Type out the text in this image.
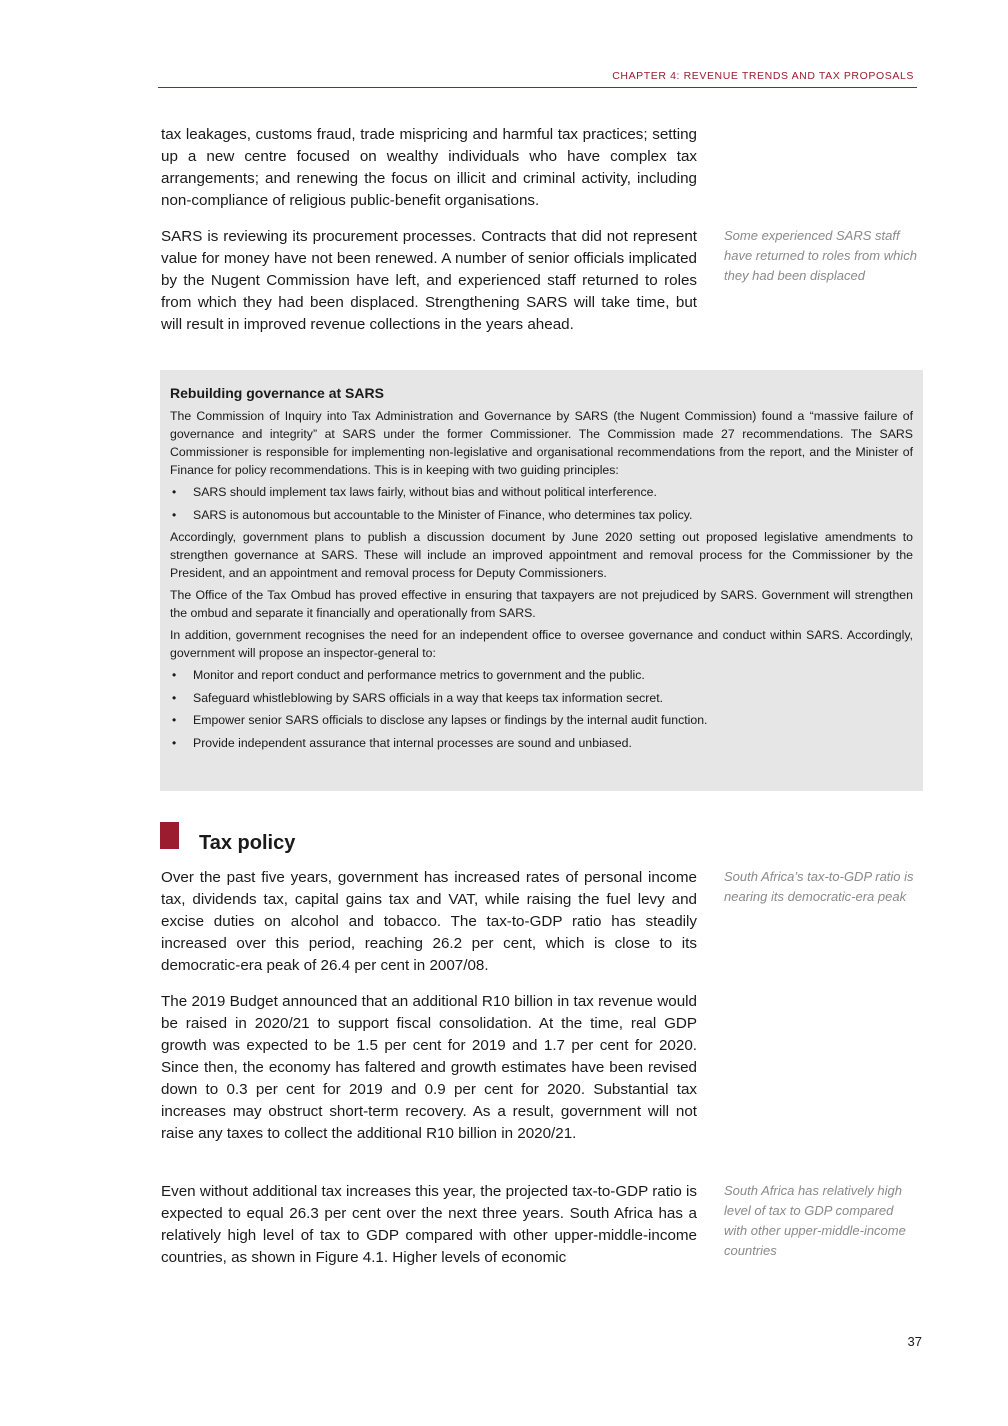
CHAPTER 4: REVENUE TRENDS AND TAX PROPOSALS

tax leakages, customs fraud, trade mispricing and harmful tax practices; setting up a new centre focused on wealthy individuals who have complex tax arrangements; and renewing the focus on illicit and criminal activity, including non-compliance of religious public-benefit organisations.

SARS is reviewing its procurement processes. Contracts that did not represent value for money have not been renewed. A number of senior officials implicated by the Nugent Commission have left, and experienced staff returned to roles from which they had been displaced. Strengthening SARS will take time, but will result in improved revenue collections in the years ahead.

Some experienced SARS staff have returned to roles from which they had been displaced

Rebuilding governance at SARS

The Commission of Inquiry into Tax Administration and Governance by SARS (the Nugent Commission) found a “massive failure of governance and integrity” at SARS under the former Commissioner. The Commission made 27 recommendations. The SARS Commissioner is responsible for implementing non-legislative and organisational recommendations from the report, and the Minister of Finance for policy recommendations. This is in keeping with two guiding principles:

• SARS should implement tax laws fairly, without bias and without political interference.
• SARS is autonomous but accountable to the Minister of Finance, who determines tax policy.

Accordingly, government plans to publish a discussion document by June 2020 setting out proposed legislative amendments to strengthen governance at SARS. These will include an improved appointment and removal process for the Commissioner by the President, and an appointment and removal process for Deputy Commissioners.

The Office of the Tax Ombud has proved effective in ensuring that taxpayers are not prejudiced by SARS. Government will strengthen the ombud and separate it financially and operationally from SARS.

In addition, government recognises the need for an independent office to oversee governance and conduct within SARS. Accordingly, government will propose an inspector-general to:

• Monitor and report conduct and performance metrics to government and the public.
• Safeguard whistleblowing by SARS officials in a way that keeps tax information secret.
• Empower senior SARS officials to disclose any lapses or findings by the internal audit function.
• Provide independent assurance that internal processes are sound and unbiased.
Tax policy

Over the past five years, government has increased rates of personal income tax, dividends tax, capital gains tax and VAT, while raising the fuel levy and excise duties on alcohol and tobacco. The tax-to-GDP ratio has steadily increased over this period, reaching 26.2 per cent, which is close to its democratic-era peak of 26.4 per cent in 2007/08.

South Africa’s tax-to-GDP ratio is nearing its democratic-era peak

The 2019 Budget announced that an additional R10 billion in tax revenue would be raised in 2020/21 to support fiscal consolidation. At the time, real GDP growth was expected to be 1.5 per cent for 2019 and 1.7 per cent for 2020. Since then, the economy has faltered and growth estimates have been revised down to 0.3 per cent for 2019 and 0.9 per cent for 2020. Substantial tax increases may obstruct short-term recovery. As a result, government will not raise any taxes to collect the additional R10 billion in 2020/21.

Even without additional tax increases this year, the projected tax-to-GDP ratio is expected to equal 26.3 per cent over the next three years. South Africa has a relatively high level of tax to GDP compared with other upper-middle-income countries, as shown in Figure 4.1. Higher levels of economic

South Africa has relatively high level of tax to GDP compared with other upper-middle-income countries

37
